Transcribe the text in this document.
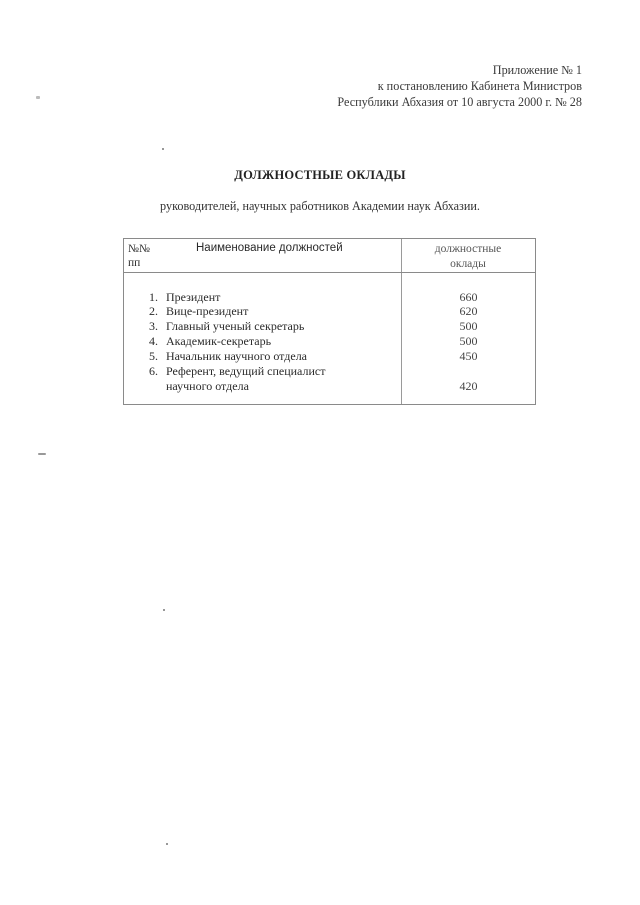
Приложение № 1
к постановлению Кабинета Министров
Республики Абхазия от 10 августа 2000 г. № 28
ДОЛЖНОСТНЫЕ ОКЛАДЫ
руководителей, научных работников Академии наук Абхазии.
№№
пп
Наименование должностей	должностные
оклады
1. Президент	660
2. Вице-президент	620
3. Главный ученый секретарь	500
4. Академик-секретарь	500
5. Начальник научного отдела	450
6. Референт, ведущий специалист
научного отдела	420
